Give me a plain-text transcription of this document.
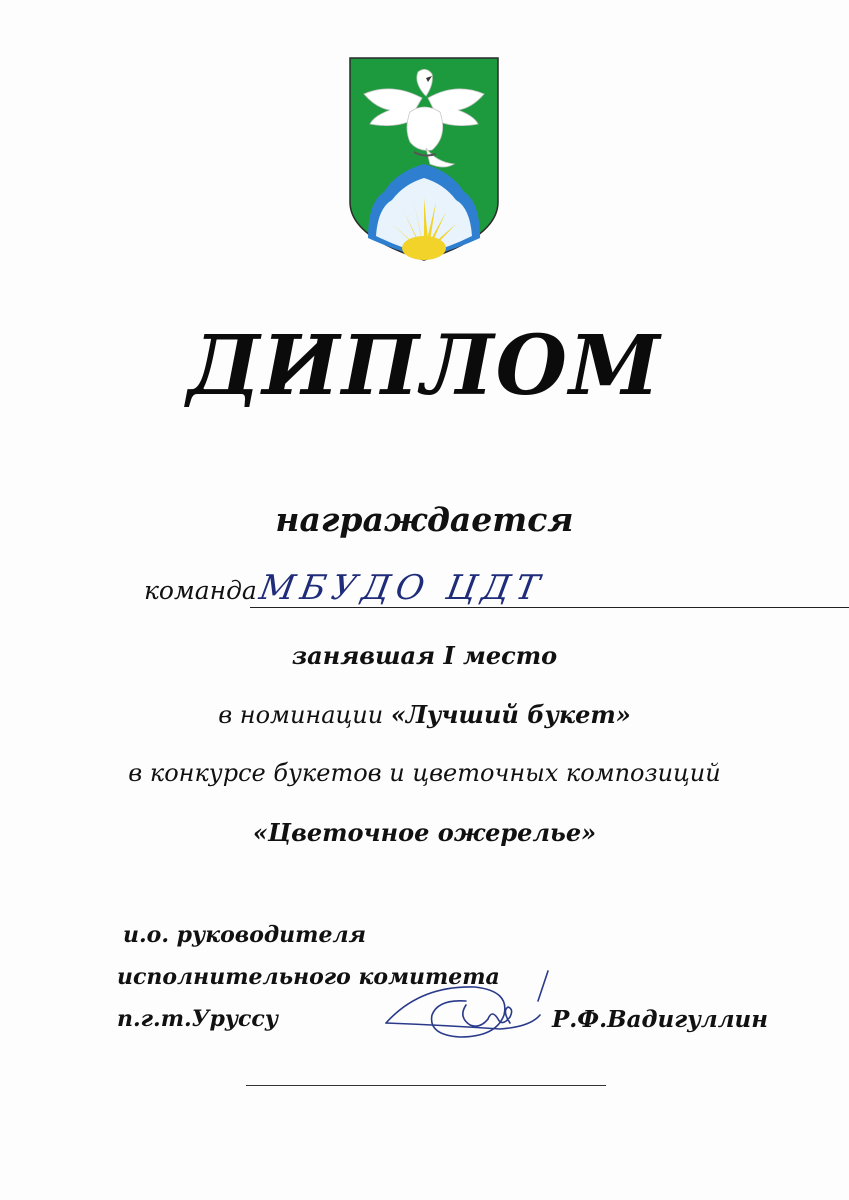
ДИПЛОМ
награждается
команда МБУДО ЦДТ
занявшая I место
в номинации «Лучший букет»
в конкурсе букетов и цветочных композиций
«Цветочное ожерелье»
и.о. руководителя
исполнительного комитета
п.г.т.Уруссу	Р.Ф.Вадигуллин
